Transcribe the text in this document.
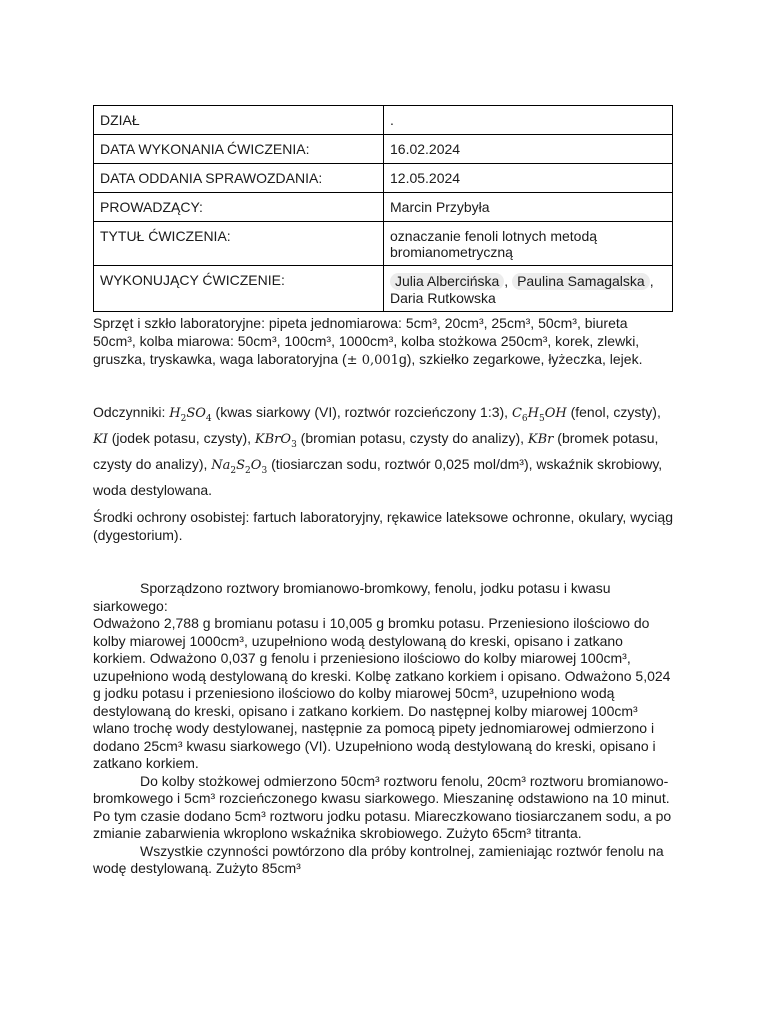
DZIAŁ	.
DATA WYKONANIA ĆWICZENIA:	16.02.2024
DATA ODDANIA SPRAWOZDANIA:	12.05.2024
PROWADZĄCY:	Marcin Przybyła
TYTUŁ ĆWICZENIA:	oznaczanie fenoli lotnych metodą bromianometryczną
WYKONUJĄCY ĆWICZENIE:	Julia Albercińska , Paulina Samagalska , Daria Rutkowska

Sprzęt i szkło laboratoryjne: pipeta jednomiarowa: 5cm³, 20cm³, 25cm³, 50cm³, biureta 50cm³, kolba miarowa: 50cm³, 100cm³, 1000cm³, kolba stożkowa 250cm³, korek, zlewki, gruszka, tryskawka, waga laboratoryjna (± 0,001g), szkiełko zegarkowe, łyżeczka, lejek.

Odczynniki: $H_2SO_4$ (kwas siarkowy (VI), roztwór rozcieńczony 1:3), $C_6H_5OH$ (fenol, czysty), KI (jodek potasu, czysty), KBrO$_3$ (bromian potasu, czysty do analizy), KBr (bromek potasu, czysty do analizy), $Na_2S_2O_3$ (tiosiarczan sodu, roztwór 0,025 mol/dm³), wskaźnik skrobiowy, woda destylowana.

Środki ochrony osobistej: fartuch laboratoryjny, rękawice lateksowe ochronne, okulary, wyciąg (dygestorium).

Sporządzono roztwory bromianowo-bromkowy, fenolu, jodku potasu i kwasu siarkowego:
Odważono 2,788 g bromianu potasu i 10,005 g bromku potasu. Przeniesiono ilościowo do kolby miarowej 1000cm³, uzupełniono wodą destylowaną do kreski, opisano i zatkano korkiem. Odważono 0,037 g fenolu i przeniesiono ilościowo do kolby miarowej 100cm³, uzupełniono wodą destylowaną do kreski. Kolbę zatkano korkiem i opisano. Odważono 5,024 g jodku potasu i przeniesiono ilościowo do kolby miarowej 50cm³, uzupełniono wodą destylowaną do kreski, opisano i zatkano korkiem. Do następnej kolby miarowej 100cm³ wlano trochę wody destylowanej, następnie za pomocą pipety jednomiarowej odmierzono i dodano 25cm³ kwasu siarkowego (VI). Uzupełniono wodą destylowaną do kreski, opisano i zatkano korkiem.
Do kolby stożkowej odmierzono 50cm³ roztworu fenolu, 20cm³ roztworu bromianowo-bromkowego i 5cm³ rozcieńczonego kwasu siarkowego. Mieszaninę odstawiono na 10 minut. Po tym czasie dodano 5cm³ roztworu jodku potasu. Miareczkowano tiosiarczanem sodu, a po zmianie zabarwienia wkroplono wskaźnika skrobiowego. Zużyto 65cm³ titranta.
Wszystkie czynności powtórzono dla próby kontrolnej, zamieniając roztwór fenolu na wodę destylowaną. Zużyto 85cm³
